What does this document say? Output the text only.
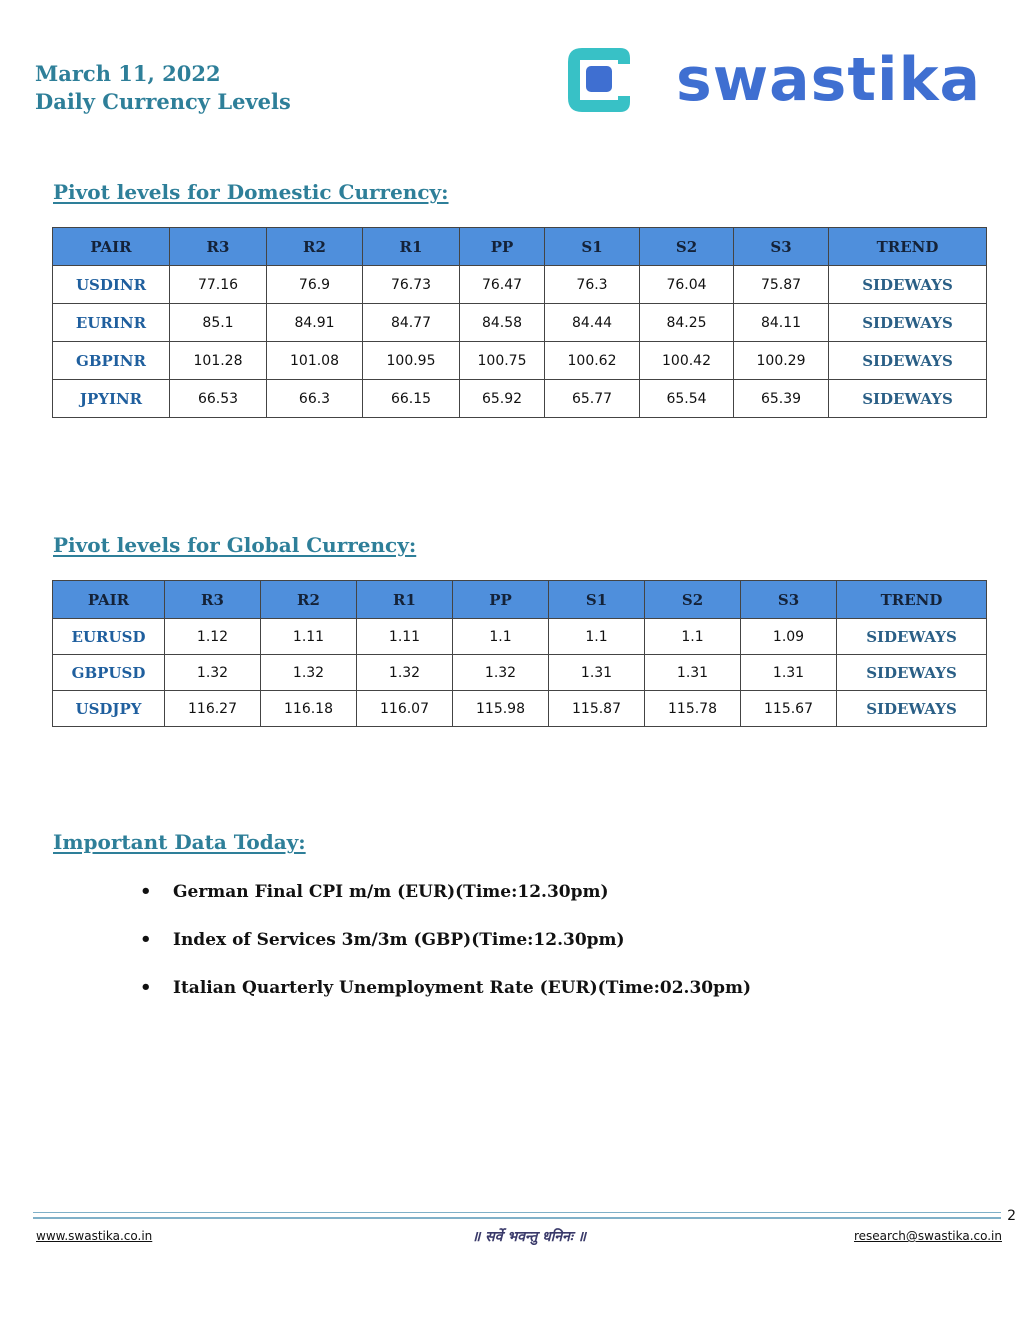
March 11, 2022
Daily Currency Levels	swastika
Pivot levels for Domestic Currency:
PAIR	R3	R2	R1	PP	S1	S2	S3	TREND
USDINR	77.16	76.9	76.73	76.47	76.3	76.04	75.87	SIDEWAYS
EURINR	85.1	84.91	84.77	84.58	84.44	84.25	84.11	SIDEWAYS
GBPINR	101.28	101.08	100.95	100.75	100.62	100.42	100.29	SIDEWAYS
JPYINR	66.53	66.3	66.15	65.92	65.77	65.54	65.39	SIDEWAYS
Pivot levels for Global Currency:
PAIR	R3	R2	R1	PP	S1	S2	S3	TREND
EURUSD	1.12	1.11	1.11	1.1	1.1	1.1	1.09	SIDEWAYS
GBPUSD	1.32	1.32	1.32	1.32	1.31	1.31	1.31	SIDEWAYS
USDJPY	116.27	116.18	116.07	115.98	115.87	115.78	115.67	SIDEWAYS
Important Data Today:
• German Final CPI m/m (EUR)(Time:12.30pm)
• Index of Services 3m/3m (GBP)(Time:12.30pm)
• Italian Quarterly Unemployment Rate (EUR)(Time:02.30pm)
2
www.swastika.co.in	॥ सर्वे भवन्तु धनिनः ॥	research@swastika.co.in
